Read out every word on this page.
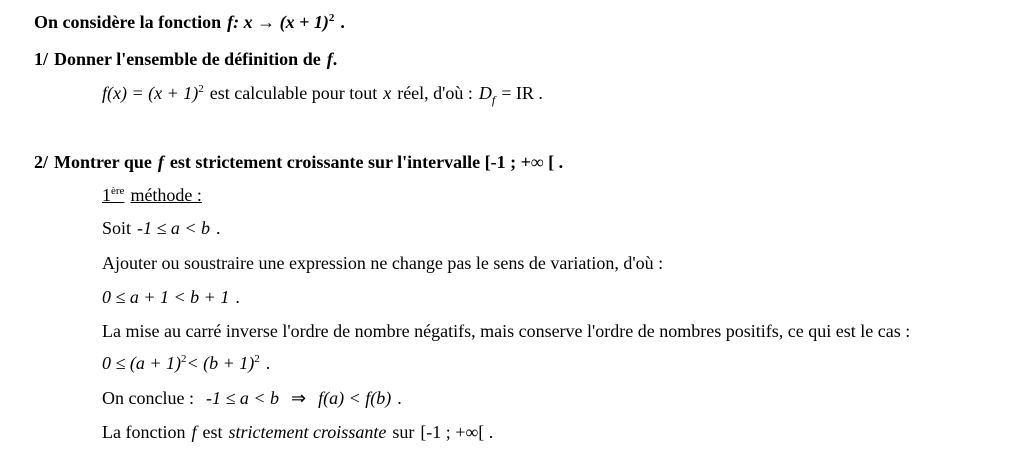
On considère la fonction f: $x \to (x + 1)^2$ .
1/ Donner l'ensemble de définition de f.
$f(x) = (x + 1)^2$ est calculable pour tout x réel, d'où : $D_f$ = IR .
2/ Montrer que f est strictement croissante sur l'intervalle [-1 ; +∞ [ .
1ère méthode :
Soit -1 ≤ a < b .
Ajouter ou soustraire une expression ne change pas le sens de variation, d'où :
0 ≤ a + 1 < b + 1 .
La mise au carré inverse l'ordre de nombre négatifs, mais conserve l'ordre de nombres positifs, ce qui est le cas :
$0 \le (a + 1)^2< (b + 1)^2$ .
On conclue : -1 ≤ a < b ⇒ f(a) < f(b) .
La fonction f est strictement croissante sur [-1 ; +∞[ .
